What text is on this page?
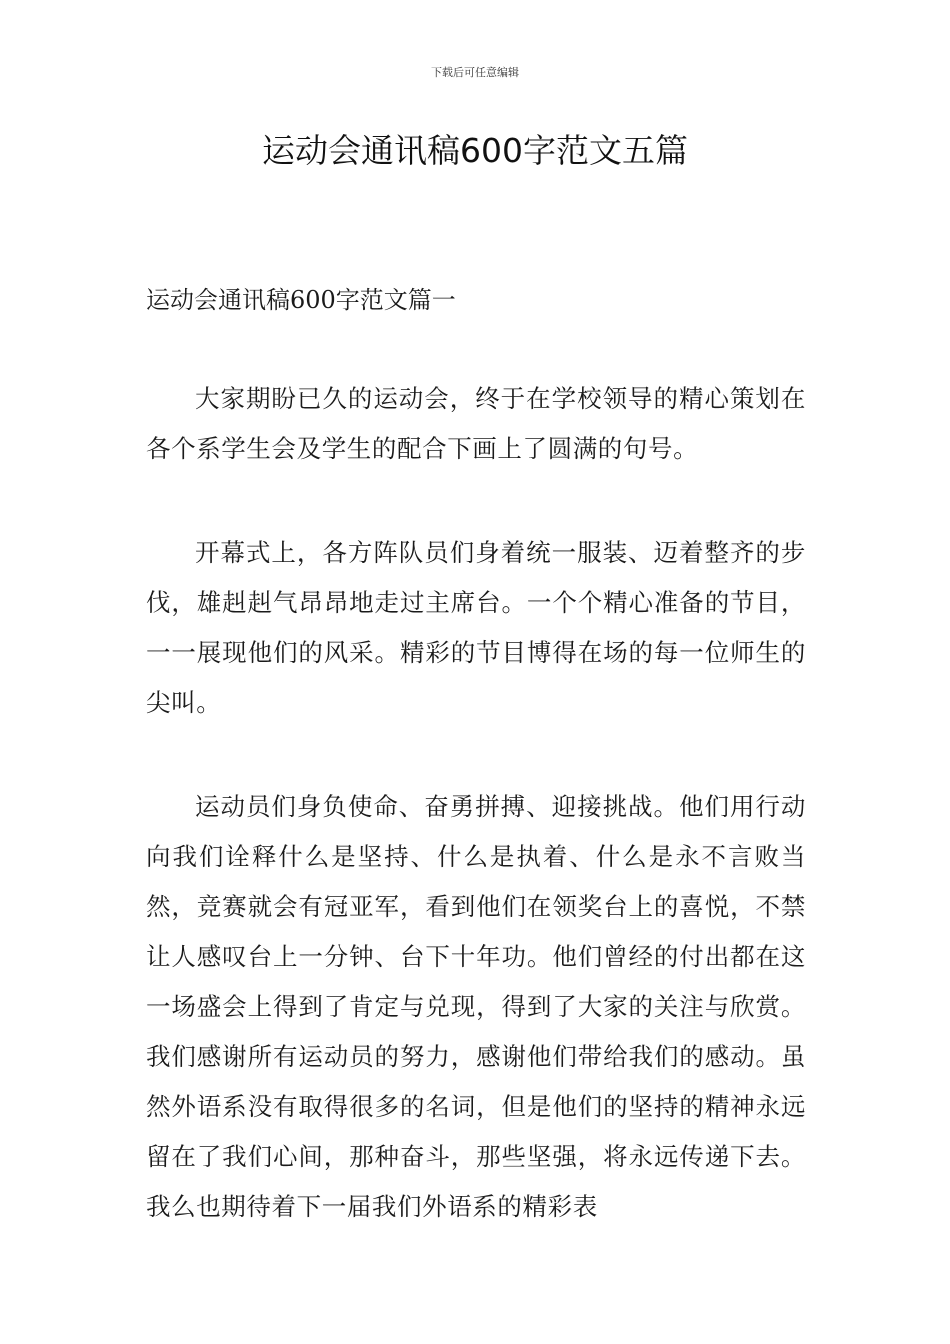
下载后可任意编辑
运动会通讯稿600字范文五篇
运动会通讯稿600字范文篇一

大家期盼已久的运动会，终于在学校领导的精心策划在各个系学生会及学生的配合下画上了圆满的句号。

开幕式上，各方阵队员们身着统一服装、迈着整齐的步伐，雄赳赳气昂昂地走过主席台。一个个精心准备的节目，一一展现他们的风采。精彩的节目博得在场的每一位师生的尖叫。

运动员们身负使命、奋勇拼搏、迎接挑战。他们用行动向我们诠释什么是坚持、什么是执着、什么是永不言败当然，竞赛就会有冠亚军，看到他们在领奖台上的喜悦，不禁让人感叹台上一分钟、台下十年功。他们曾经的付出都在这一场盛会上得到了肯定与兑现，得到了大家的关注与欣赏。我们感谢所有运动员的努力，感谢他们带给我们的感动。虽然外语系没有取得很多的名词，但是他们的坚持的精神永远留在了我们心间，那种奋斗，那些坚强，将永远传递下去。我么也期待着下一届我们外语系的精彩表
